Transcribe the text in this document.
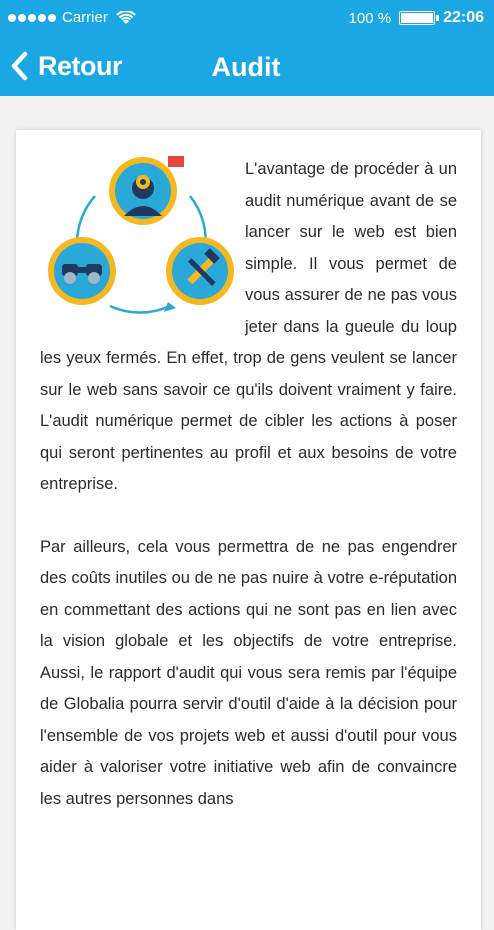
Carrier	100 %	22:06
Retour	Audit

L'avantage de procéder à un audit numérique avant de se lancer sur le web est bien simple. Il vous permet de vous assurer de ne pas vous jeter dans la gueule du loup les yeux fermés. En effet, trop de gens veulent se lancer sur le web sans savoir ce qu'ils doivent vraiment y faire. L'audit numérique permet de cibler les actions à poser qui seront pertinentes au profil et aux besoins de votre entreprise.

Par ailleurs, cela vous permettra de ne pas engendrer des coûts inutiles ou de ne pas nuire à votre e-réputation en commettant des actions qui ne sont pas en lien avec la vision globale et les objectifs de votre entreprise. Aussi, le rapport d'audit qui vous sera remis par l'équipe de Globalia pourra servir d'outil d'aide à la décision pour l'ensemble de vos projets web et aussi d'outil pour vous aider à valoriser votre initiative web afin de convaincre les autres personnes dans
